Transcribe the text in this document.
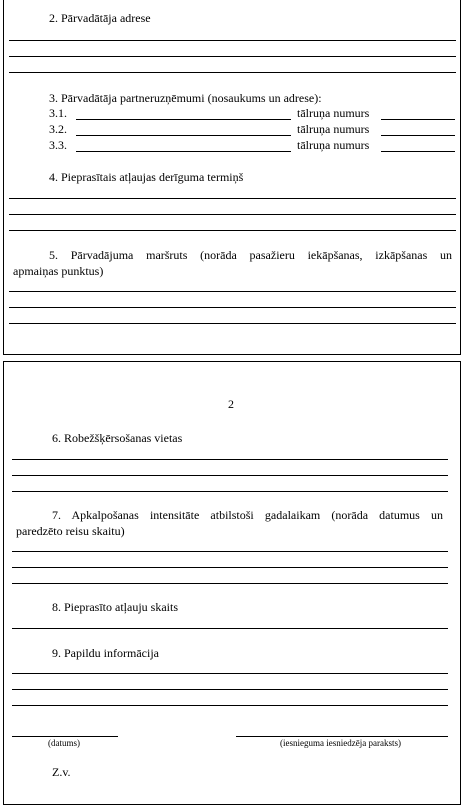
2. Pārvadātāja adrese
3. Pārvadātāja partneruzņēmumi (nosaukums un adrese):
3.1.	tālruņa numurs
3.2.	tālruņa numurs
3.3.	tālruņa numurs
4. Pieprasītais atļaujas derīguma termiņš
5. Pārvadājuma maršruts (norāda pasažieru iekāpšanas, izkāpšanas un
apmaiņas punktus)
2
6. Robežšķērsošanas vietas
7. Apkalpošanas intensitāte atbilstoši gadalaikam (norāda datumus un
paredzēto reisu skaitu)
8. Pieprasīto atļauju skaits
9. Papildu informācija
(datums)	(iesnieguma iesniedzēja paraksts)
Z.v.
